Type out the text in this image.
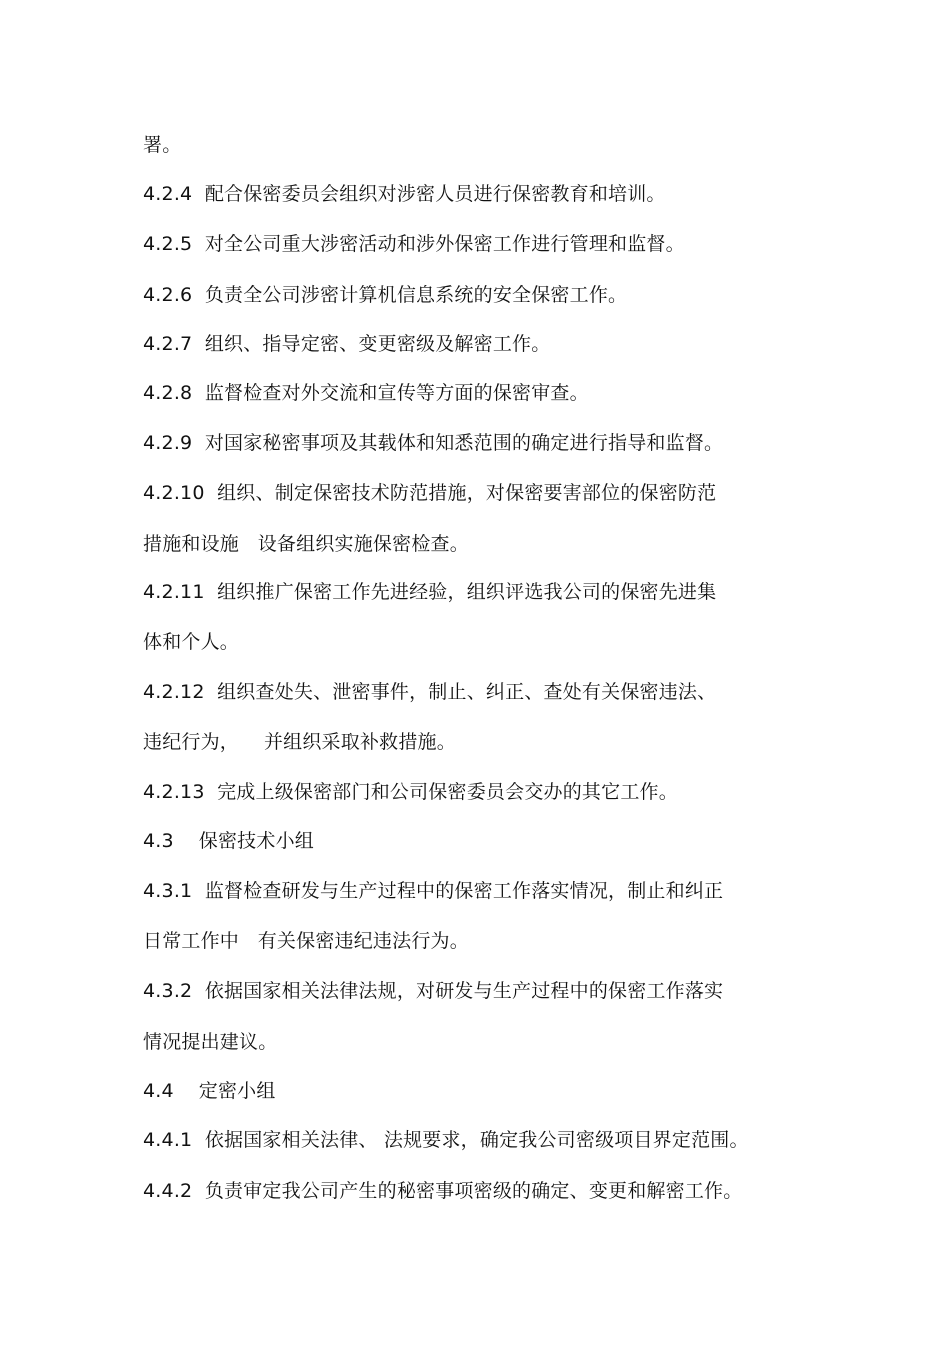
署。
4.2.4  配合保密委员会组织对涉密人员进行保密教育和培训。
4.2.5  对全公司重大涉密活动和涉外保密工作进行管理和监督。
4.2.6  负责全公司涉密计算机信息系统的安全保密工作。
4.2.7  组织、指导定密、变更密级及解密工作。
4.2.8  监督检查对外交流和宣传等方面的保密审查。
4.2.9  对国家秘密事项及其载体和知悉范围的确定进行指导和监督。
4.2.10  组织、制定保密技术防范措施，对保密要害部位的保密防范
措施和设施   设备组织实施保密检查。
4.2.11  组织推广保密工作先进经验，组织评选我公司的保密先进集
体和个人。
4.2.12  组织查处失、泄密事件，制止、纠正、查处有关保密违法、
违纪行为，    并组织采取补救措施。
4.2.13  完成上级保密部门和公司保密委员会交办的其它工作。
4.3    保密技术小组
4.3.1  监督检查研发与生产过程中的保密工作落实情况，制止和纠正
日常工作中   有关保密违纪违法行为。
4.3.2  依据国家相关法律法规，对研发与生产过程中的保密工作落实
情况提出建议。
4.4    定密小组
4.4.1  依据国家相关法律、 法规要求，确定我公司密级项目界定范围。
4.4.2  负责审定我公司产生的秘密事项密级的确定、变更和解密工作。
